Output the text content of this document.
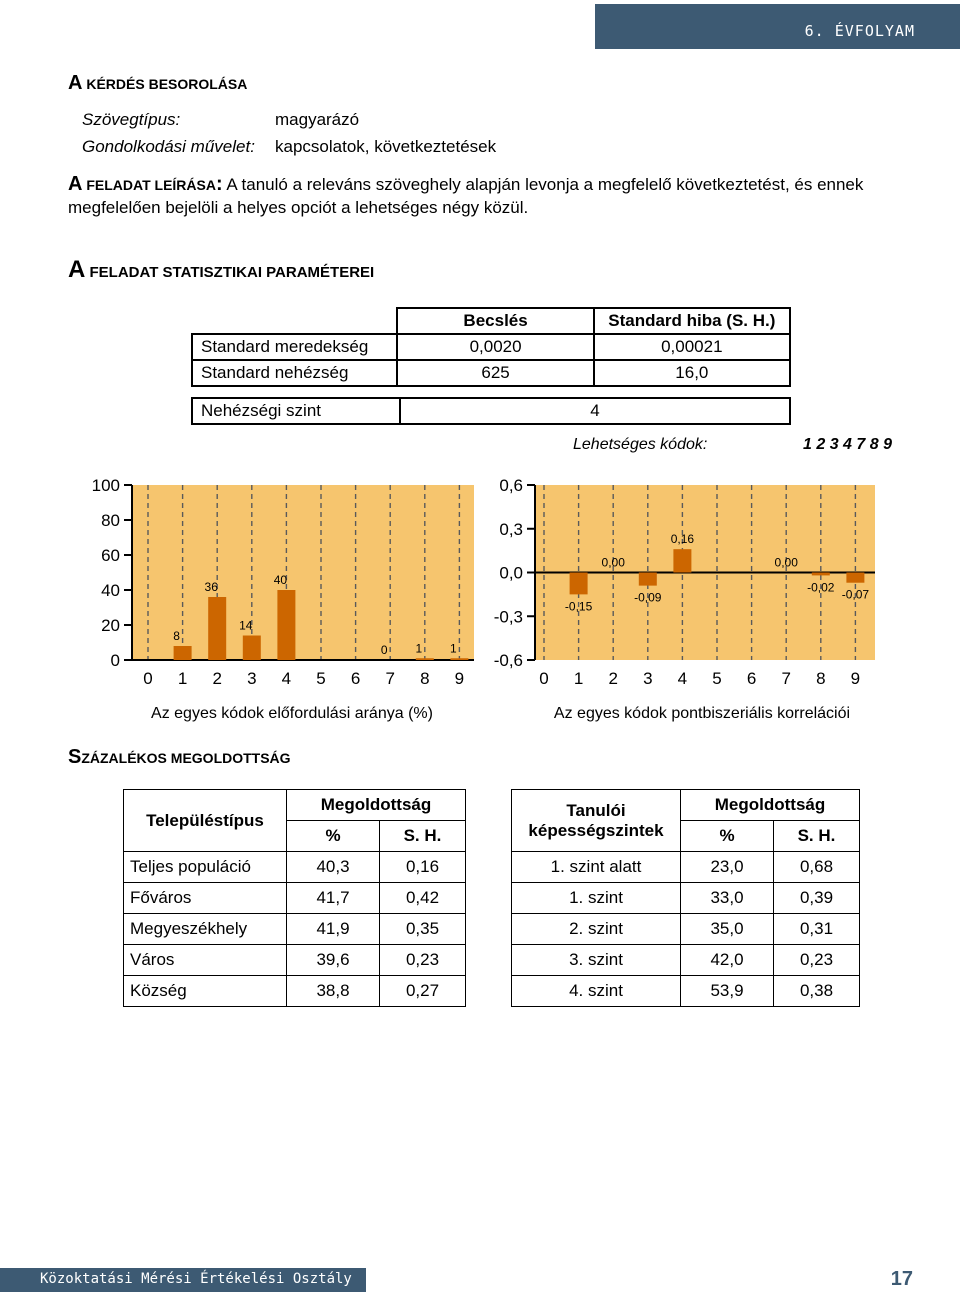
6. ÉVFOLYAM
A KÉRDÉS BESOROLÁSA
Szövegtípus:	magyarázó
Gondolkodási művelet: kapcsolatok, következtetések
A FELADAT LEÍRÁSA: A tanuló a releváns szöveghely alapján levonja a megfelelő következtetést, és ennek
megfelelően bejelöli a helyes opciót a lehetséges négy közül.
A FELADAT STATISZTIKAI PARAMÉTEREI
	Becslés	Standard hiba (S. H.)
Standard meredekség	0,0020	0,00021
Standard nehézség	625	16,0
Nehézségi szint	4
Lehetséges kódok:	1 2 3 4 7 8 9
0
20
40
60
80
100
8
36
14
40
0 1 1
0 1 2 3 4 5 6 7 8 9
Az egyes kódok előfordulási aránya (%)
-0,6
-0,3
0,0
0,3
0,6
-0,15
0,00
-0,09
0,16
0,00
-0,02
-0,07
0 1 2 3 4 5 6 7 8 9
Az egyes kódok pontbiszeriális korrelációi
SZÁZALÉKOS MEGOLDOTTSÁG
Településtípus	Megoldottság	
	%	S. H.
Teljes populáció	40,3	0,16
Főváros	41,7	0,42
Megyeszékhely	41,9	0,35
Város	39,6	0,23
Község	38,8	0,27
Tanulói
képességszintek	Megoldottság	
	%	S. H.
1. szint alatt	23,0	0,68
1. szint	33,0	0,39
2. szint	35,0	0,31
3. szint	42,0	0,23
4. szint	53,9	0,38
Közoktatási Mérési Értékelési Osztály	17
